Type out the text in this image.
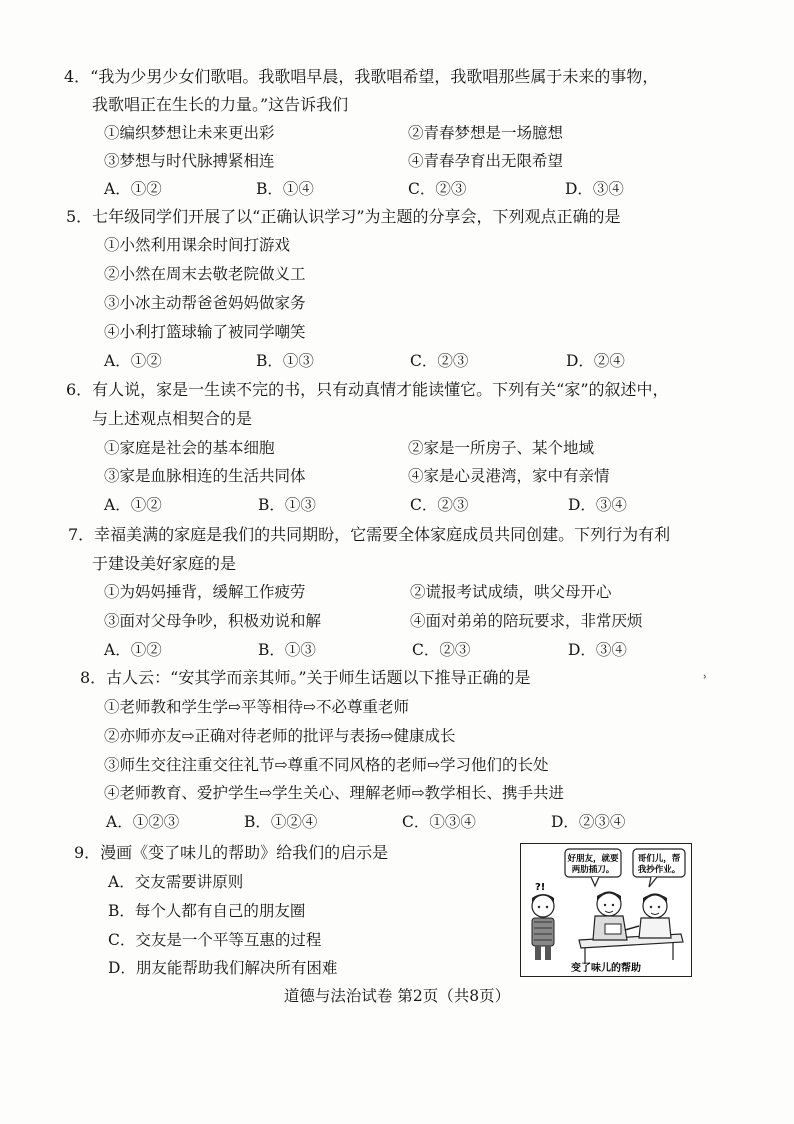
4．“我为少男少女们歌唱。我歌唱早晨，我歌唱希望，我歌唱那些属于未来的事物，
我歌唱正在生长的力量。”这告诉我们
①编织梦想让未来更出彩	②青春梦想是一场臆想
③梦想与时代脉搏紧相连	④青春孕育出无限希望
A．①②	B．①④	C．②③	D．③④
5．七年级同学们开展了以“正确认识学习”为主题的分享会，下列观点正确的是
①小然利用课余时间打游戏
②小然在周末去敬老院做义工
③小冰主动帮爸爸妈妈做家务
④小利打篮球输了被同学嘲笑
A．①②	B．①③	C．②③	D．②④
6．有人说，家是一生读不完的书，只有动真情才能读懂它。下列有关“家”的叙述中，
与上述观点相契合的是
①家庭是社会的基本细胞	②家是一所房子、某个地域
③家是血脉相连的生活共同体	④家是心灵港湾，家中有亲情
A．①②	B．①③	C．②③	D．③④
7．幸福美满的家庭是我们的共同期盼，它需要全体家庭成员共同创建。下列行为有利
于建设美好家庭的是
①为妈妈捶背，缓解工作疲劳	②谎报考试成绩，哄父母开心
③面对父母争吵，积极劝说和解	④面对弟弟的陪玩要求，非常厌烦
A．①②	B．①③	C．②③	D．③④
8．古人云：“安其学而亲其师。”关于师生话题以下推导正确的是
①老师教和学生学⇨平等相待⇨不必尊重老师
②亦师亦友⇨正确对待老师的批评与表扬⇨健康成长
③师生交往注重交往礼节⇨尊重不同风格的老师⇨学习他们的长处
④老师教育、爱护学生⇨学生关心、理解老师⇨教学相长、携手共进
A．①②③	B．①②④	C．①③④	D．②③④
9．漫画《变了味儿的帮助》给我们的启示是
A．交友需要讲原则
B．每个人都有自己的朋友圈
C．交友是一个平等互惠的过程
D．朋友能帮助我们解决所有困难
好朋友，就要
两肋插刀。
哥们儿，帮
我抄作业。
?!
变了味儿的帮助
˒
道德与法治试卷 第2页（共8页）
